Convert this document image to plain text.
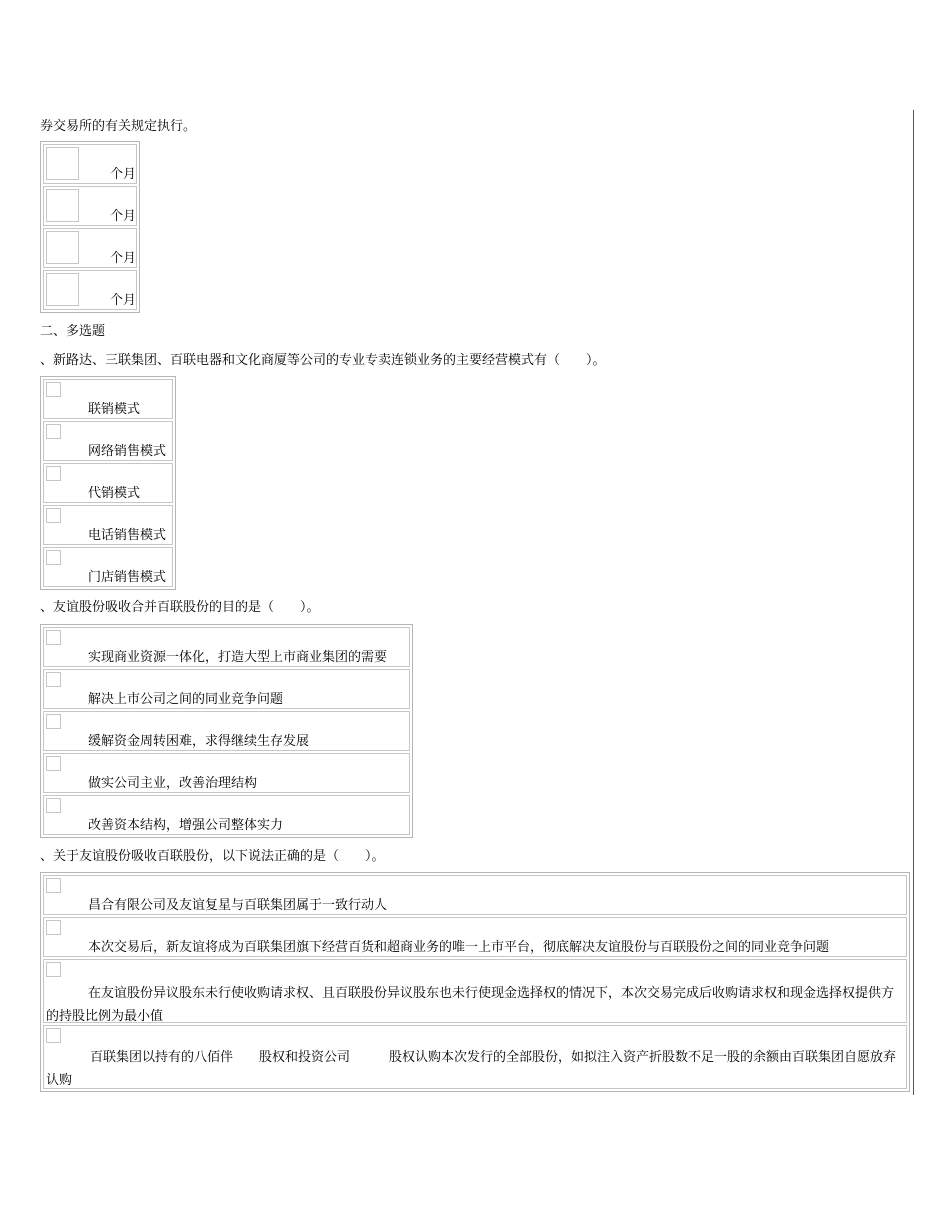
券交易所的有关规定执行。
个月

个月

个月

个月
二、多选题
、新路达、三联集团、百联电器和文化商厦等公司的专业专卖连锁业务的主要经营模式有（　　）。
联销模式

网络销售模式

代销模式

电话销售模式

门店销售模式
、友谊股份吸收合并百联股份的目的是（　　）。
实现商业资源一体化，打造大型上市商业集团的需要

解决上市公司之间的同业竞争问题

缓解资金周转困难，求得继续生存发展

做实公司主业，改善治理结构

改善资本结构，增强公司整体实力
、关于友谊股份吸收百联股份，以下说法正确的是（　　）。
昌合有限公司及友谊复星与百联集团属于一致行动人

本次交易后，新友谊将成为百联集团旗下经营百货和超商业务的唯一上市平台，彻底解决友谊股份与百联股份之间的同业竞争问题

在友谊股份异议股东未行使收购请求权、且百联股份异议股东也未行使现金选择权的情况下，本次交易完成后收购请求权和现金选择权提供方的持股比例为最小值

百联集团以持有的八佰伴　　股权和投资公司　　　股权认购本次发行的全部股份，如拟注入资产折股数不足一股的余额由百联集团自愿放弃认购
